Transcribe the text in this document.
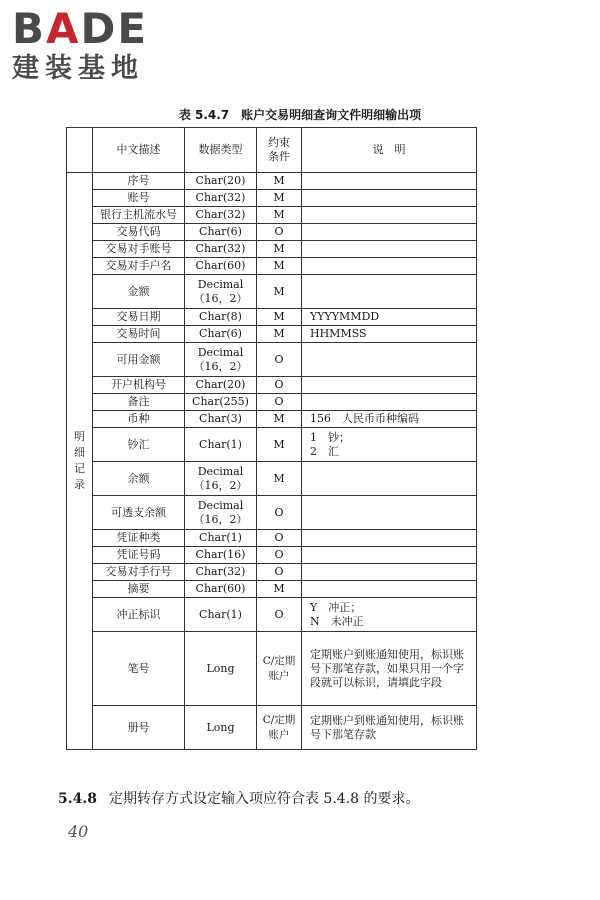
BADE
建装基地
表 5.4.7 账户交易明细查询文件明细输出项
	中文描述	数据类型	约束条件	说　明
明细记录	序号	Char(20)	M	
	账号	Char(32)	M	
	银行主机流水号	Char(32)	M	
	交易代码	Char(6)	O	
	交易对手账号	Char(32)	M	
	交易对手户名	Char(60)	M	
	金额	Decimal（16，2）	M	
	交易日期	Char(8)	M	YYYYMMDD
	交易时间	Char(6)	M	HHMMSS
	可用金额	Decimal（16，2）	O	
	开户机构号	Char(20)	O	
	备注	Char(255)	O	
	币种	Char(3)	M	156　人民币币种编码
	钞汇	Char(1)	M	1　钞；
2　汇
	余额	Decimal（16，2）	M	
	可透支余额	Decimal（16，2）	O	
	凭证种类	Char(1)	O	
	凭证号码	Char(16)	O	
	交易对手行号	Char(32)	O	
	摘要	Char(60)	M	
	冲正标识	Char(1)	O	Y　冲正；
N　未冲正
	笔号	Long	C/定期账户	定期账户到账通知使用，标识账号下那笔存款，如果只用一个字段就可以标识，请填此字段
	册号	Long	C/定期账户	定期账户到账通知使用，标识账号下那笔存款
5.4.8 定期转存方式设定输入项应符合表 5.4.8 的要求。
40
